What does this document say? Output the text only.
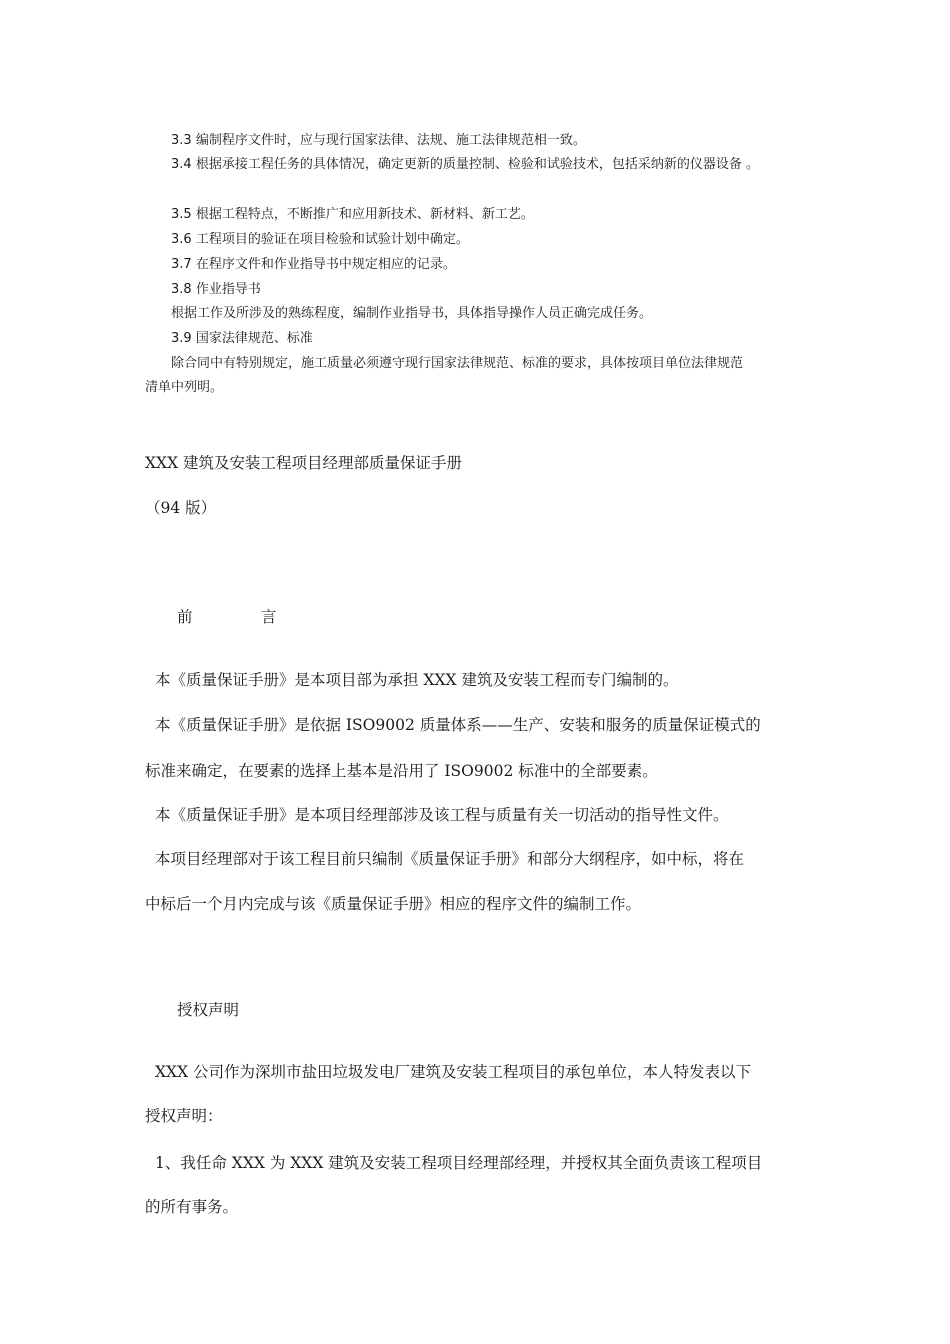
3.3 编制程序文件时，应与现行国家法律、法规、施工法律规范相一致。

3.4 根据承接工程任务的具体情况，确定更新的质量控制、检验和试验技术，包括采纳新的仪器设备 。

3.5 根据工程特点，不断推广和应用新技术、新材料、新工艺。

3.6 工程项目的验证在项目检验和试验计划中确定。

3.7 在程序文件和作业指导书中规定相应的记录。

3.8 作业指导书

根据工作及所涉及的熟练程度，编制作业指导书，具体指导操作人员正确完成任务。

3.9 国家法律规范、标准

除合同中有特别规定，施工质量必须遵守现行国家法律规范、标准的要求，具体按项目单位法律规范

清单中列明。

XXX 建筑及安装工程项目经理部质量保证手册

（94 版）

前	言

本《质量保证手册》是本项目部为承担 XXX 建筑及安装工程而专门编制的。

本《质量保证手册》是依据 ISO9002 质量体系——生产、安装和服务的质量保证模式的

标准来确定，在要素的选择上基本是沿用了 ISO9002 标准中的全部要素。

本《质量保证手册》是本项目经理部涉及该工程与质量有关一切活动的指导性文件。

本项目经理部对于该工程目前只编制《质量保证手册》和部分大纲程序，如中标，将在

中标后一个月内完成与该《质量保证手册》相应的程序文件的编制工作。

授权声明

XXX 公司作为深圳市盐田垃圾发电厂建筑及安装工程项目的承包单位，本人特发表以下

授权声明：

1、我任命 XXX 为 XXX 建筑及安装工程项目经理部经理，并授权其全面负责该工程项目

的所有事务。
